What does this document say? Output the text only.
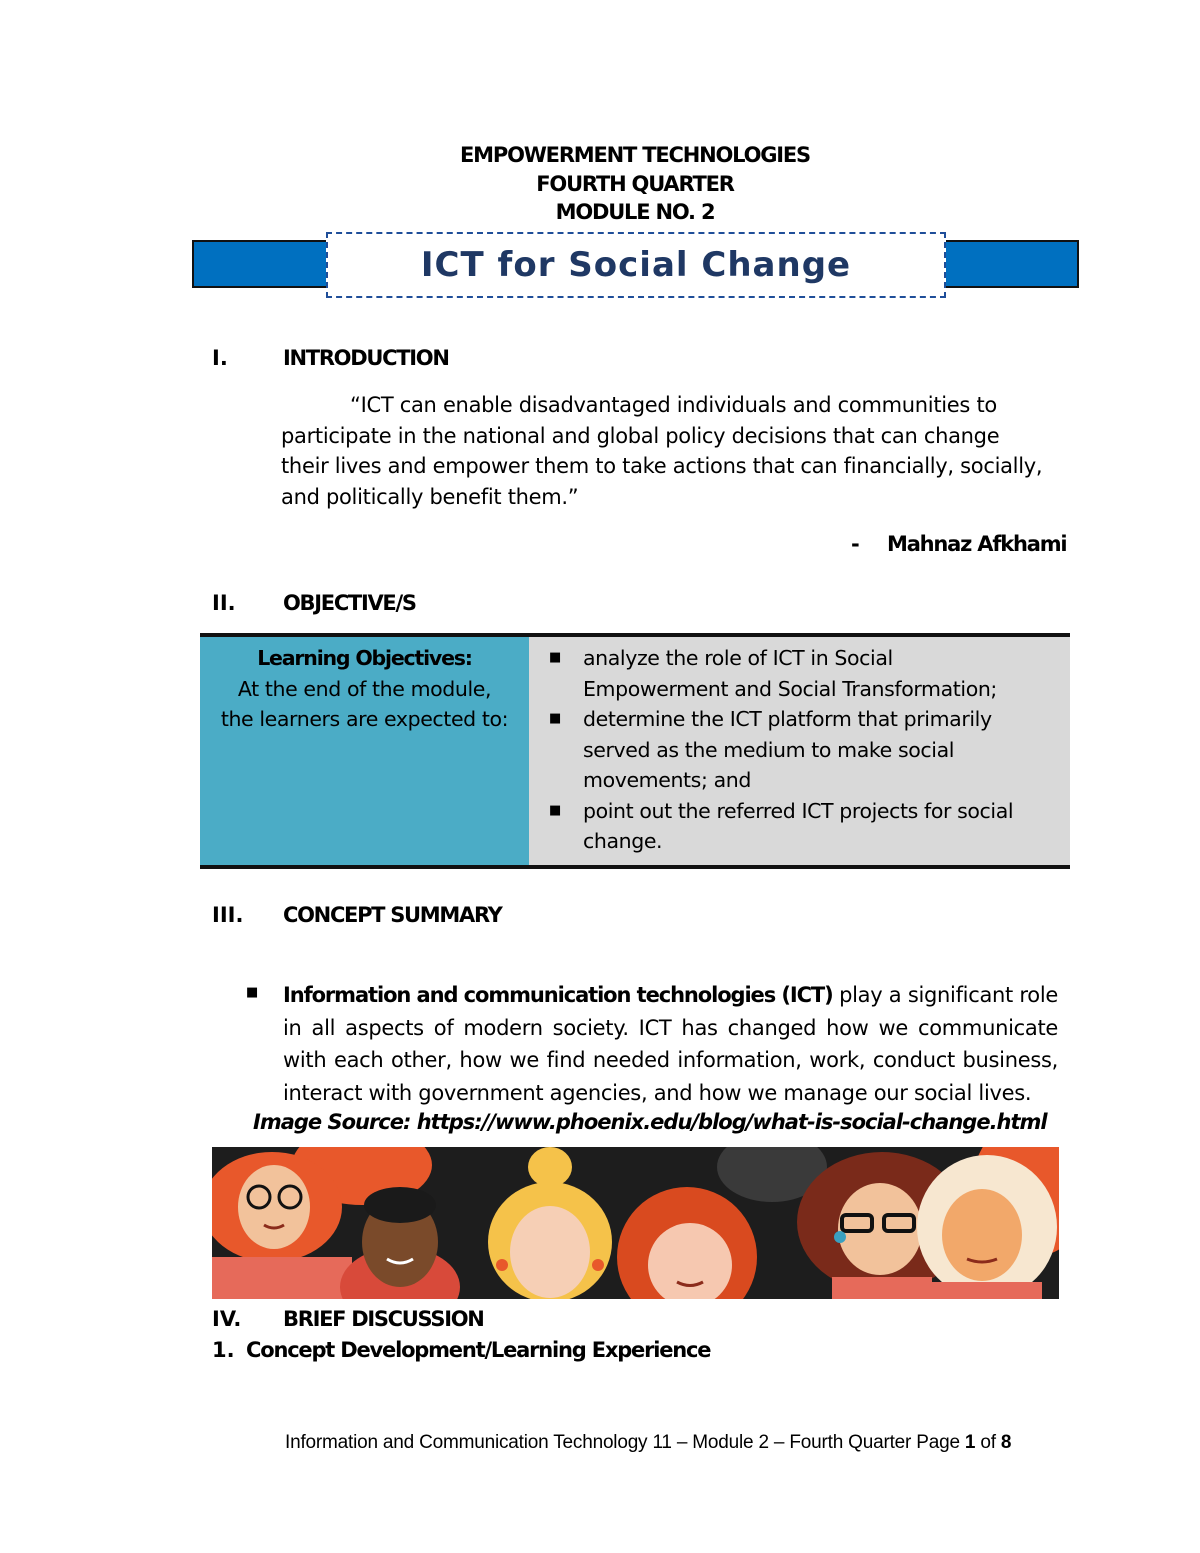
EMPOWERMENT TECHNOLOGIES
FOURTH QUARTER
MODULE NO. 2
ICT for Social Change
I.	INTRODUCTION
“ICT can enable disadvantaged individuals and communities to
participate in the national and global policy decisions that can change
their lives and empower them to take actions that can financially, socially,
and politically benefit them.”
- Mahnaz Afkhami
II. OBJECTIVE/S
Learning Objectives:
At the end of the module,
the learners are expected to:
■	analyze the role of ICT in Social
Empowerment and Social Transformation;
■	determine the ICT platform that primarily
served as the medium to make social
movements; and
■	point out the referred ICT projects for social
change.
III. CONCEPT SUMMARY
■ Information and communication technologies (ICT) play a significant role in all aspects of modern society. ICT has changed how we communicate with each other, how we find needed information, work, conduct business, interact with government agencies, and how we manage our social lives.
Image Source: https://www.phoenix.edu/blog/what-is-social-change.html
IV. BRIEF DISCUSSION
1. Concept Development/Learning Experience
Information and Communication Technology 11 – Module 2 – Fourth Quarter Page 1 of 8
